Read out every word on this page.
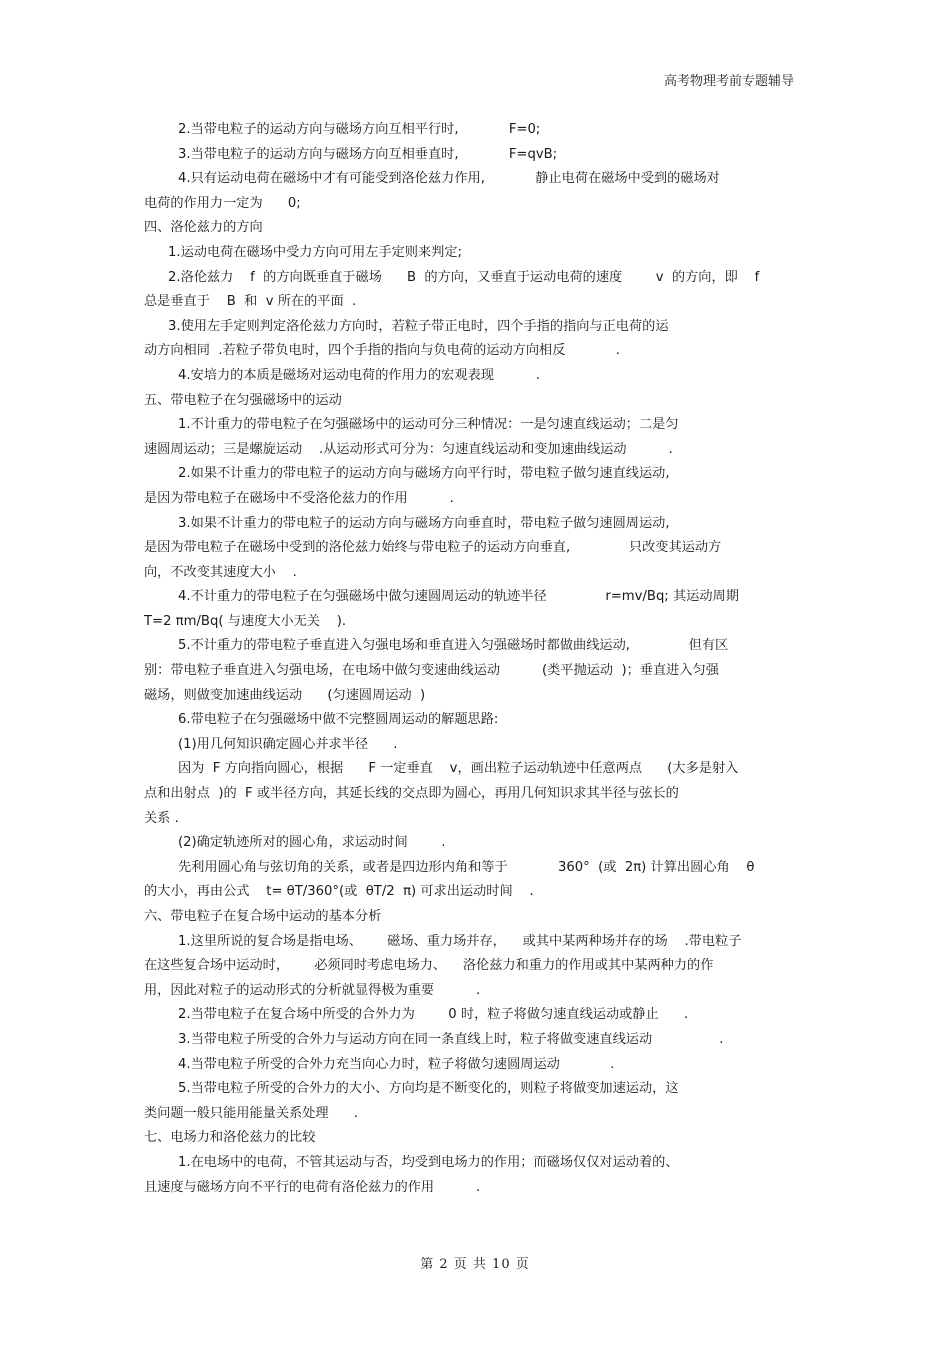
高考物理考前专题辅导

2.当带电粒子的运动方向与磁场方向互相平行时,            F=0;

3.当带电粒子的运动方向与磁场方向互相垂直时,            F=qvB;

4.只有运动电荷在磁场中才有可能受到洛伦兹力作用,            静止电荷在磁场中受到的磁场对

电荷的作用力一定为      0;

四、洛伦兹力的方向

1.运动电荷在磁场中受力方向可用左手定则来判定;

2.洛伦兹力    f  的方向既垂直于磁场      B  的方向，又垂直于运动电荷的速度        v  的方向，即    f

总是垂直于    B  和  v 所在的平面  .

3.使用左手定则判定洛伦兹力方向时，若粒子带正电时，四个手指的指向与正电荷的运

动方向相同  .若粒子带负电时，四个手指的指向与负电荷的运动方向相反            .

4.安培力的本质是磁场对运动电荷的作用力的宏观表现          .

五、带电粒子在匀强磁场中的运动

1.不计重力的带电粒子在匀强磁场中的运动可分三种情况：一是匀速直线运动；二是匀

速圆周运动；三是螺旋运动    .从运动形式可分为：匀速直线运动和变加速曲线运动          .

2.如果不计重力的带电粒子的运动方向与磁场方向平行时，带电粒子做匀速直线运动,

是因为带电粒子在磁场中不受洛伦兹力的作用          .

3.如果不计重力的带电粒子的运动方向与磁场方向垂直时，带电粒子做匀速圆周运动,

是因为带电粒子在磁场中受到的洛伦兹力始终与带电粒子的运动方向垂直,              只改变其运动方

向，不改变其速度大小    .

4.不计重力的带电粒子在匀强磁场中做匀速圆周运动的轨迹半径              r=mv/Bq; 其运动周期

T=2 πm/Bq( 与速度大小无关    ).

5.不计重力的带电粒子垂直进入匀强电场和垂直进入匀强磁场时都做曲线运动,              但有区

别：带电粒子垂直进入匀强电场，在电场中做匀变速曲线运动          (类平抛运动  )；垂直进入匀强

磁场，则做变加速曲线运动      (匀速圆周运动  )

6.带电粒子在匀强磁场中做不完整圆周运动的解题思路:

(1)用几何知识确定圆心并求半径      .

因为  F 方向指向圆心，根据      F 一定垂直    v，画出粒子运动轨迹中任意两点      (大多是射入

点和出射点  )的  F 或半径方向，其延长线的交点即为圆心，再用几何知识求其半径与弦长的

关系 .

(2)确定轨迹所对的圆心角，求运动时间        .

先利用圆心角与弦切角的关系，或者是四边形内角和等于            360°  (或  2π) 计算出圆心角    θ

的大小，再由公式    t= θT/360°(或  θT/2  π) 可求出运动时间    .

六、带电粒子在复合场中运动的基本分析

1.这里所说的复合场是指电场、      磁场、重力场并存，    或其中某两种场并存的场    .带电粒子

在这些复合场中运动时，      必须同时考虑电场力、    洛伦兹力和重力的作用或其中某两种力的作

用，因此对粒子的运动形式的分析就显得极为重要          .

2.当带电粒子在复合场中所受的合外力为        0 时，粒子将做匀速直线运动或静止      .

3.当带电粒子所受的合外力与运动方向在同一条直线上时，粒子将做变速直线运动                .

4.当带电粒子所受的合外力充当向心力时，粒子将做匀速圆周运动            .

5.当带电粒子所受的合外力的大小、方向均是不断变化的，则粒子将做变加速运动，这

类问题一般只能用能量关系处理      .

七、电场力和洛伦兹力的比较

1.在电场中的电荷，不管其运动与否，均受到电场力的作用；而磁场仅仅对运动着的、

且速度与磁场方向不平行的电荷有洛伦兹力的作用          .

第 2 页 共 10 页
